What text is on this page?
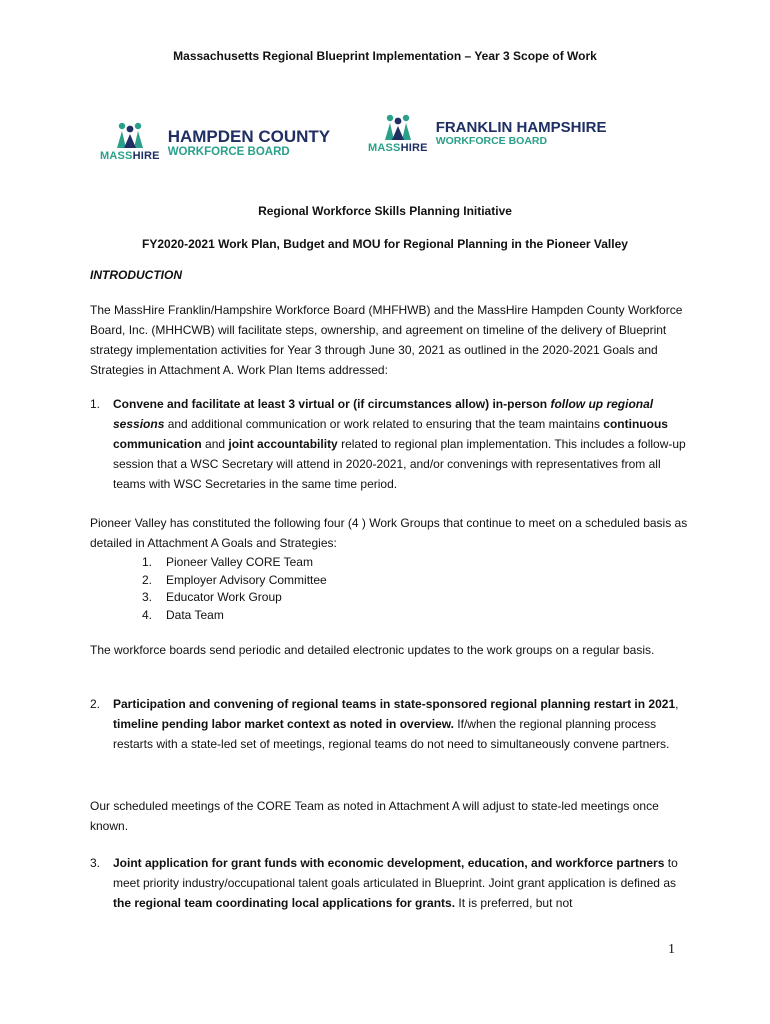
Massachusetts Regional Blueprint Implementation – Year 3 Scope of Work
MASSHIRE
HAMPDEN COUNTY
WORKFORCE BOARD	MASSHIRE
FRANKLIN HAMPSHIRE
WORKFORCE BOARD
Regional Workforce Skills Planning Initiative
FY2020-2021 Work Plan, Budget and MOU for Regional Planning in the Pioneer Valley
INTRODUCTION
The MassHire Franklin/Hampshire Workforce Board (MHFHWB) and the MassHire Hampden County Workforce Board, Inc. (MHHCWB) will facilitate steps, ownership, and agreement on timeline of the delivery of Blueprint strategy implementation activities for Year 3 through June 30, 2021 as outlined in the 2020-2021 Goals and Strategies in Attachment A. Work Plan Items addressed:
1. Convene and facilitate at least 3 virtual or (if circumstances allow) in-person follow up regional sessions and additional communication or work related to ensuring that the team maintains continuous communication and joint accountability related to regional plan implementation. This includes a follow-up session that a WSC Secretary will attend in 2020-2021, and/or convenings with representatives from all teams with WSC Secretaries in the same time period.
Pioneer Valley has constituted the following four (4 ) Work Groups that continue to meet on a scheduled basis as detailed in Attachment A Goals and Strategies:
1.	Pioneer Valley CORE Team
2.	Employer Advisory Committee
3.	Educator Work Group
4.	Data Team
The workforce boards send periodic and detailed electronic updates to the work groups on a regular basis.
2. Participation and convening of regional teams in state-sponsored regional planning restart in 2021, timeline pending labor market context as noted in overview. If/when the regional planning process restarts with a state-led set of meetings, regional teams do not need to simultaneously convene partners.
Our scheduled meetings of the CORE Team as noted in Attachment A will adjust to state-led meetings once known.
3. Joint application for grant funds with economic development, education, and workforce partners to meet priority industry/occupational talent goals articulated in Blueprint. Joint grant application is defined as the regional team coordinating local applications for grants. It is preferred, but not
1
